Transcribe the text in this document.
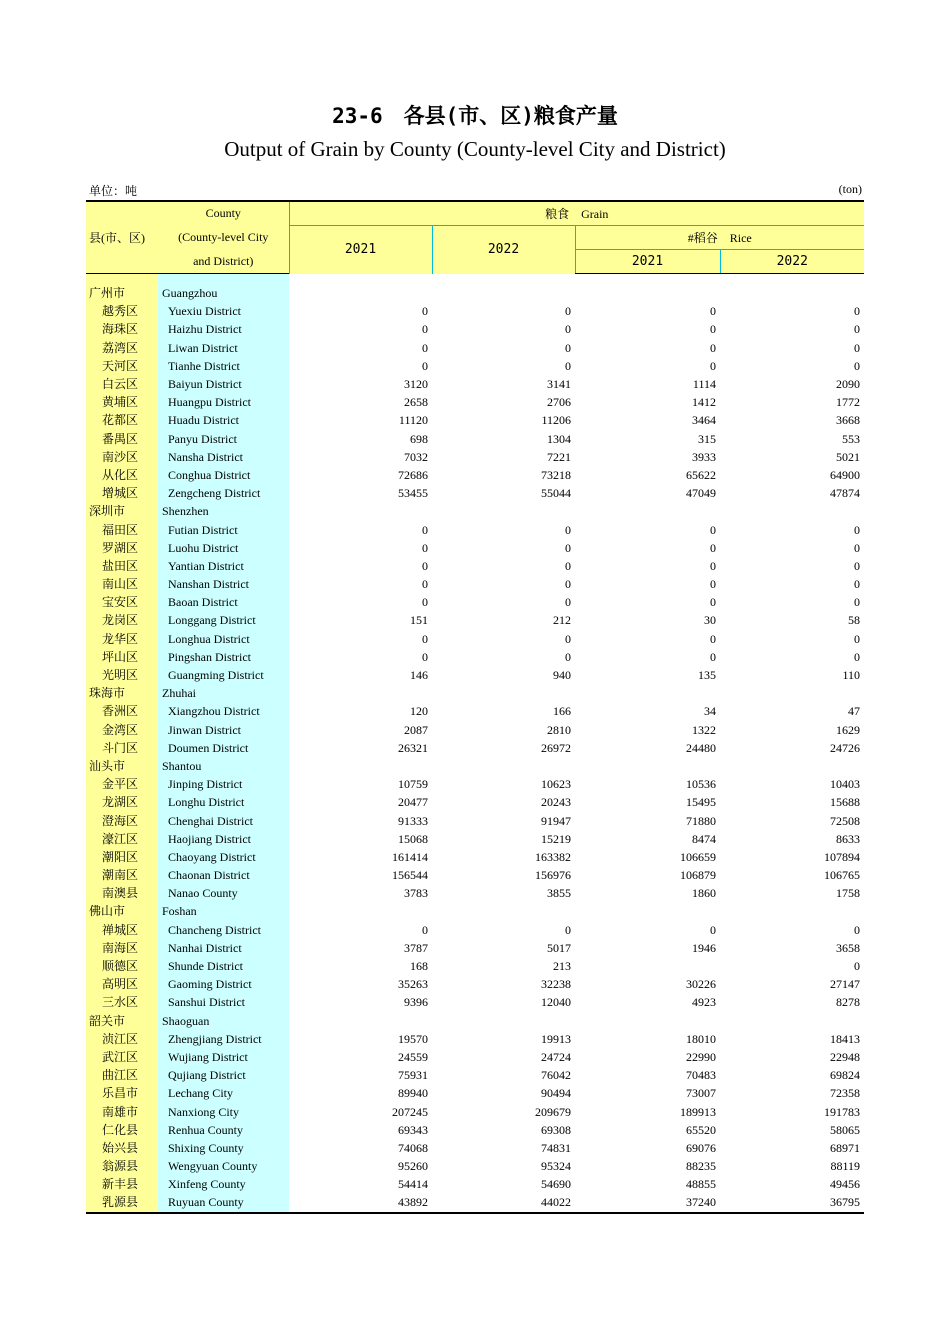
23-6　各县(市、区)粮食产量
Output of Grain by County (County-level City and District)
单位：吨	(ton)
	County	粮食　Grain			
县(市、区)	(County-level City	2021	2022	#稻谷　Rice	
	and District)			2021	2022

广州市	Guangzhou				
越秀区	Yuexiu District	0	0	0	0
海珠区	Haizhu District	0	0	0	0
荔湾区	Liwan District	0	0	0	0
天河区	Tianhe District	0	0	0	0
白云区	Baiyun District	3120	3141	1114	2090
黄埔区	Huangpu District	2658	2706	1412	1772
花都区	Huadu District	11120	11206	3464	3668
番禺区	Panyu District	698	1304	315	553
南沙区	Nansha District	7032	7221	3933	5021
从化区	Conghua District	72686	73218	65622	64900
增城区	Zengcheng District	53455	55044	47049	47874
深圳市	Shenzhen				
福田区	Futian District	0	0	0	0
罗湖区	Luohu District	0	0	0	0
盐田区	Yantian District	0	0	0	0
南山区	Nanshan District	0	0	0	0
宝安区	Baoan District	0	0	0	0
龙岗区	Longgang District	151	212	30	58
龙华区	Longhua District	0	0	0	0
坪山区	Pingshan District	0	0	0	0
光明区	Guangming District	146	940	135	110
珠海市	Zhuhai				
香洲区	Xiangzhou District	120	166	34	47
金湾区	Jinwan District	2087	2810	1322	1629
斗门区	Doumen District	26321	26972	24480	24726
汕头市	Shantou				
金平区	Jinping District	10759	10623	10536	10403
龙湖区	Longhu District	20477	20243	15495	15688
澄海区	Chenghai District	91333	91947	71880	72508
濠江区	Haojiang District	15068	15219	8474	8633
潮阳区	Chaoyang District	161414	163382	106659	107894
潮南区	Chaonan District	156544	156976	106879	106765
南澳县	Nanao County	3783	3855	1860	1758
佛山市	Foshan				
禅城区	Chancheng District	0	0	0	0
南海区	Nanhai District	3787	5017	1946	3658
顺德区	Shunde District	168	213		0
高明区	Gaoming District	35263	32238	30226	27147
三水区	Sanshui District	9396	12040	4923	8278
韶关市	Shaoguan				
浈江区	Zhengjiang District	19570	19913	18010	18413
武江区	Wujiang District	24559	24724	22990	22948
曲江区	Qujiang District	75931	76042	70483	69824
乐昌市	Lechang City	89940	90494	73007	72358
南雄市	Nanxiong City	207245	209679	189913	191783
仁化县	Renhua County	69343	69308	65520	58065
始兴县	Shixing County	74068	74831	69076	68971
翁源县	Wengyuan County	95260	95324	88235	88119
新丰县	Xinfeng County	54414	54690	48855	49456
乳源县	Ruyuan County	43892	44022	37240	36795
